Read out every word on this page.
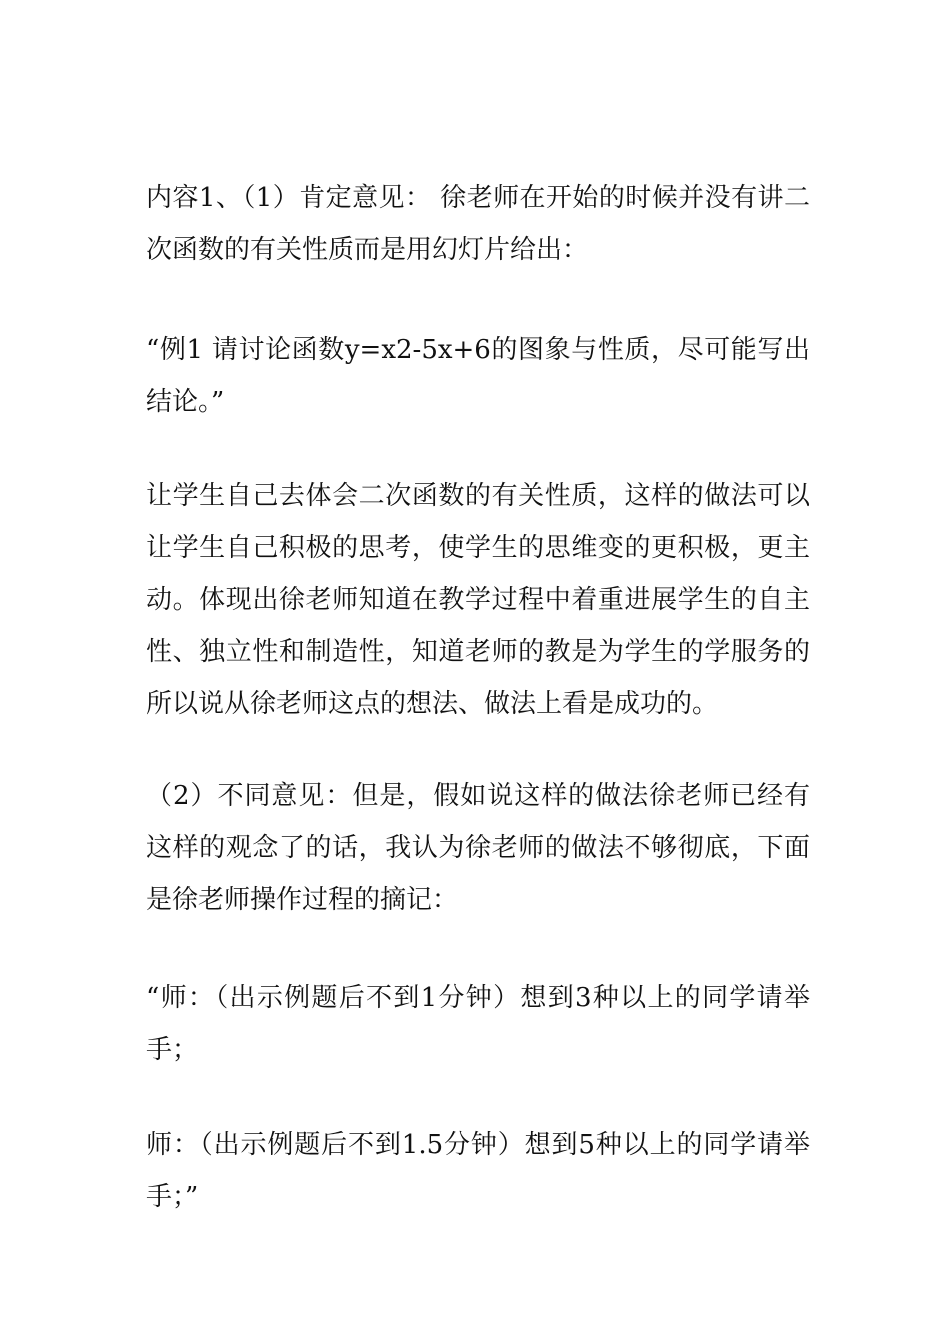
内容1、（1）肯定意见： 徐老师在开始的时候并没有讲二次函数的有关性质而是用幻灯片给出：

“例1 请讨论函数y=x2-5x+6的图象与性质，尽可能写出结论。”

让学生自己去体会二次函数的有关性质，这样的做法可以让学生自己积极的思考，使学生的思维变的更积极，更主动。体现出徐老师知道在教学过程中着重进展学生的自主性、独立性和制造性，知道老师的教是为学生的学服务的所以说从徐老师这点的想法、做法上看是成功的。

（2）不同意见：但是，假如说这样的做法徐老师已经有这样的观念了的话，我认为徐老师的做法不够彻底，下面是徐老师操作过程的摘记：

“师：（出示例题后不到1分钟）想到3种以上的同学请举手；

师：（出示例题后不到1.5分钟）想到5种以上的同学请举手；”
